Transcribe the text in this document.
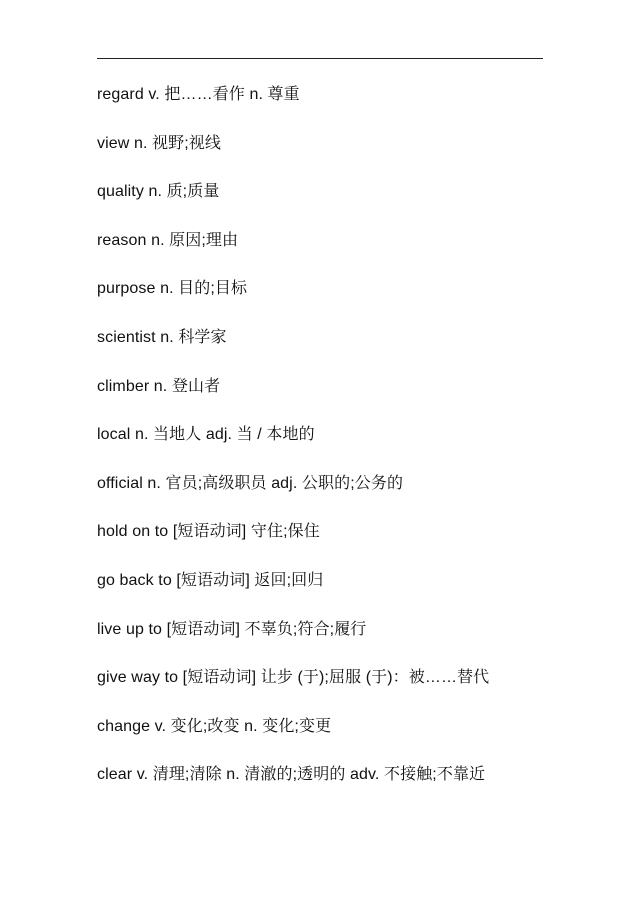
regard v. 把……看作 n. 尊重
view n. 视野;视线
quality n. 质;质量
reason n. 原因;理由
purpose n. 目的;目标
scientist n. 科学家
climber n. 登山者
local n. 当地人 adj. 当 / 本地的
official n. 官员;高级职员 adj. 公职的;公务的
hold on to [短语动词] 守住;保住
go back to [短语动词] 返回;回归
live up to [短语动词] 不辜负;符合;履行
give way to [短语动词] 让步 (于);屈服 (于)：被……替代
change v. 变化;改变 n. 变化;变更
clear v. 清理;清除 n. 清澈的;透明的 adv. 不接触;不靠近
